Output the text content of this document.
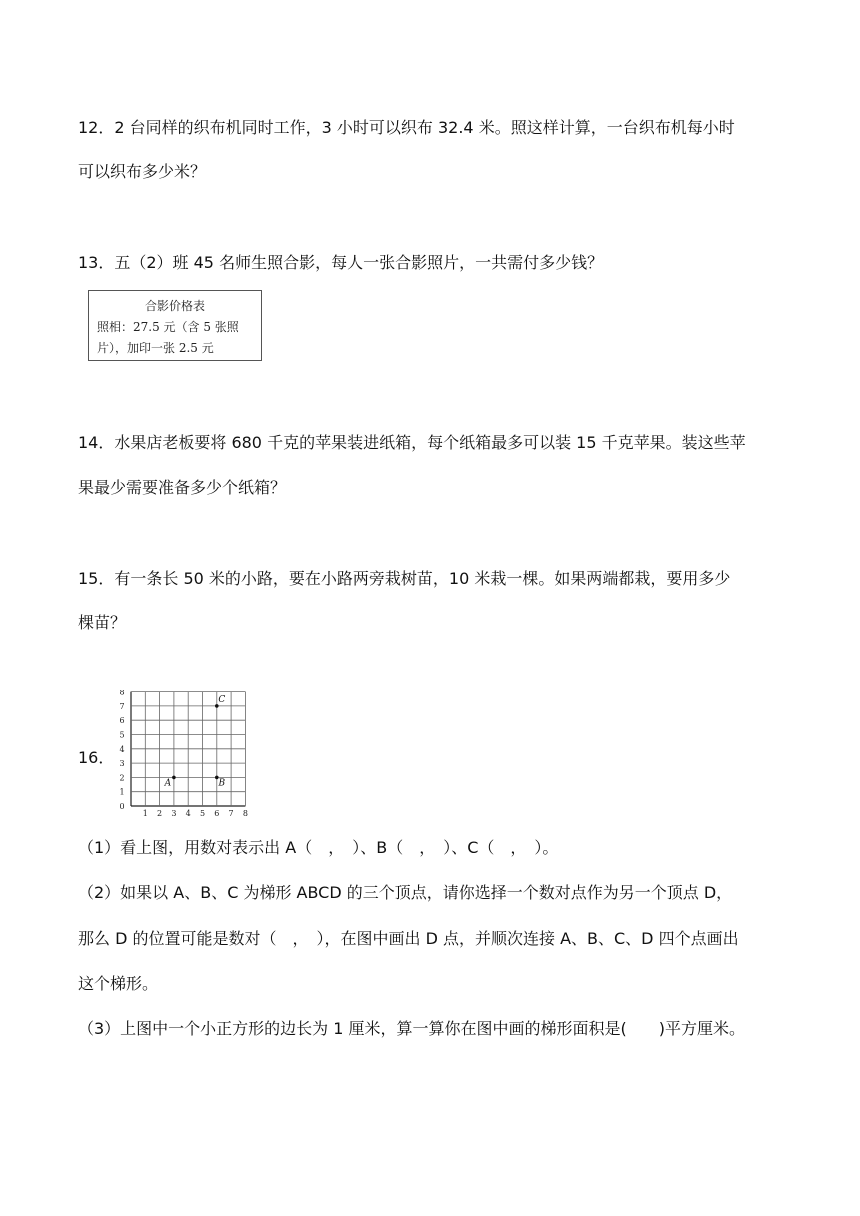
12．2 台同样的织布机同时工作，3 小时可以织布 32.4 米。照这样计算，一台织布机每小时
可以织布多少米？
13．五（2）班 45 名师生照合影，每人一张合影照片，一共需付多少钱？
合影价格表
照相：27.5 元（含 5 张照
片），加印一张 2.5 元
14．水果店老板要将 680 千克的苹果装进纸箱，每个纸箱最多可以装 15 千克苹果。装这些苹
果最少需要准备多少个纸箱？
15．有一条长 50 米的小路，要在小路两旁栽树苗，10 米栽一棵。如果两端都栽，要用多少
棵苗？
16．
0
1 2 3 4 5 6 7 8
1
2
3
4
5
6
7
8
A	B
C
（1）看上图，用数对表示出 A（　，　）、B（　，　）、C（　，　）。
（2）如果以 A、B、C 为梯形 ABCD 的三个顶点，请你选择一个数对点作为另一个顶点 D，
那么 D 的位置可能是数对（　，　），在图中画出 D 点，并顺次连接 A、B、C、D 四个点画出
这个梯形。
（3）上图中一个小正方形的边长为 1 厘米，算一算你在图中画的梯形面积是(　　)平方厘米。
